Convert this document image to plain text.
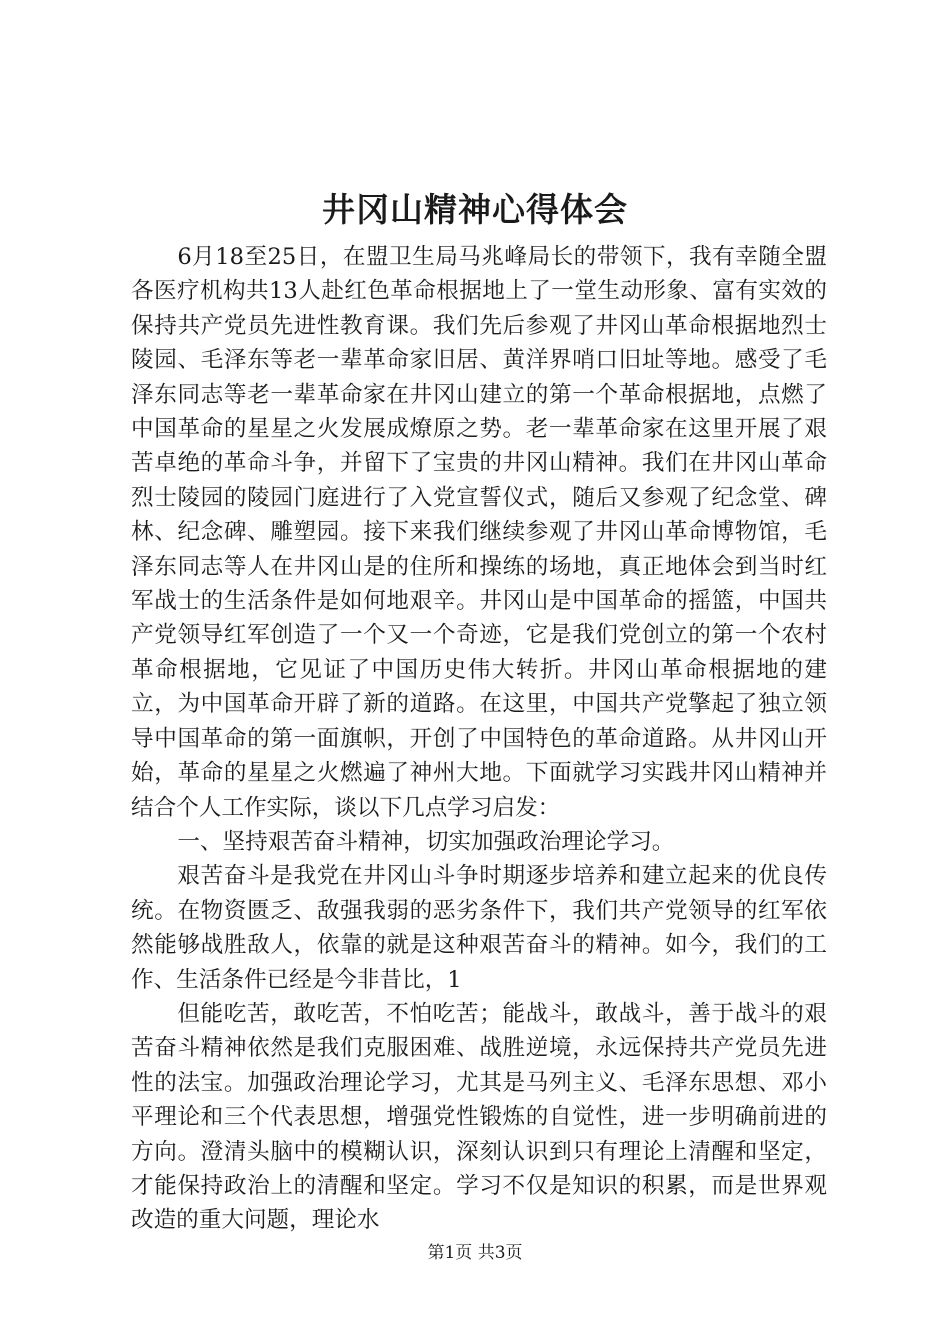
井冈山精神心得体会

6月18至25日，在盟卫生局马兆峰局长的带领下，我有幸随全盟各医疗机构共13人赴红色革命根据地上了一堂生动形象、富有实效的保持共产党员先进性教育课。我们先后参观了井冈山革命根据地烈士陵园、毛泽东等老一辈革命家旧居、黄洋界哨口旧址等地。感受了毛泽东同志等老一辈革命家在井冈山建立的第一个革命根据地，点燃了中国革命的星星之火发展成燎原之势。老一辈革命家在这里开展了艰苦卓绝的革命斗争，并留下了宝贵的井冈山精神。我们在井冈山革命烈士陵园的陵园门庭进行了入党宣誓仪式，随后又参观了纪念堂、碑林、纪念碑、雕塑园。接下来我们继续参观了井冈山革命博物馆，毛泽东同志等人在井冈山是的住所和操练的场地，真正地体会到当时红军战士的生活条件是如何地艰辛。井冈山是中国革命的摇篮，中国共产党领导红军创造了一个又一个奇迹，它是我们党创立的第一个农村革命根据地，它见证了中国历史伟大转折。井冈山革命根据地的建立，为中国革命开辟了新的道路。在这里，中国共产党擎起了独立领导中国革命的第一面旗帜，开创了中国特色的革命道路。从井冈山开始，革命的星星之火燃遍了神州大地。下面就学习实践井冈山精神并结合个人工作实际，谈以下几点学习启发：

一、坚持艰苦奋斗精神，切实加强政治理论学习。

艰苦奋斗是我党在井冈山斗争时期逐步培养和建立起来的优良传统。在物资匮乏、敌强我弱的恶劣条件下，我们共产党领导的红军依然能够战胜敌人，依靠的就是这种艰苦奋斗的精神。如今，我们的工作、生活条件已经是今非昔比，1

但能吃苦，敢吃苦，不怕吃苦；能战斗，敢战斗，善于战斗的艰苦奋斗精神依然是我们克服困难、战胜逆境，永远保持共产党员先进性的法宝。加强政治理论学习，尤其是马列主义、毛泽东思想、邓小平理论和三个代表思想，增强党性锻炼的自觉性，进一步明确前进的方向。澄清头脑中的模糊认识，深刻认识到只有理论上清醒和坚定，才能保持政治上的清醒和坚定。学习不仅是知识的积累，而是世界观改造的重大问题，理论水

第1页 共3页
